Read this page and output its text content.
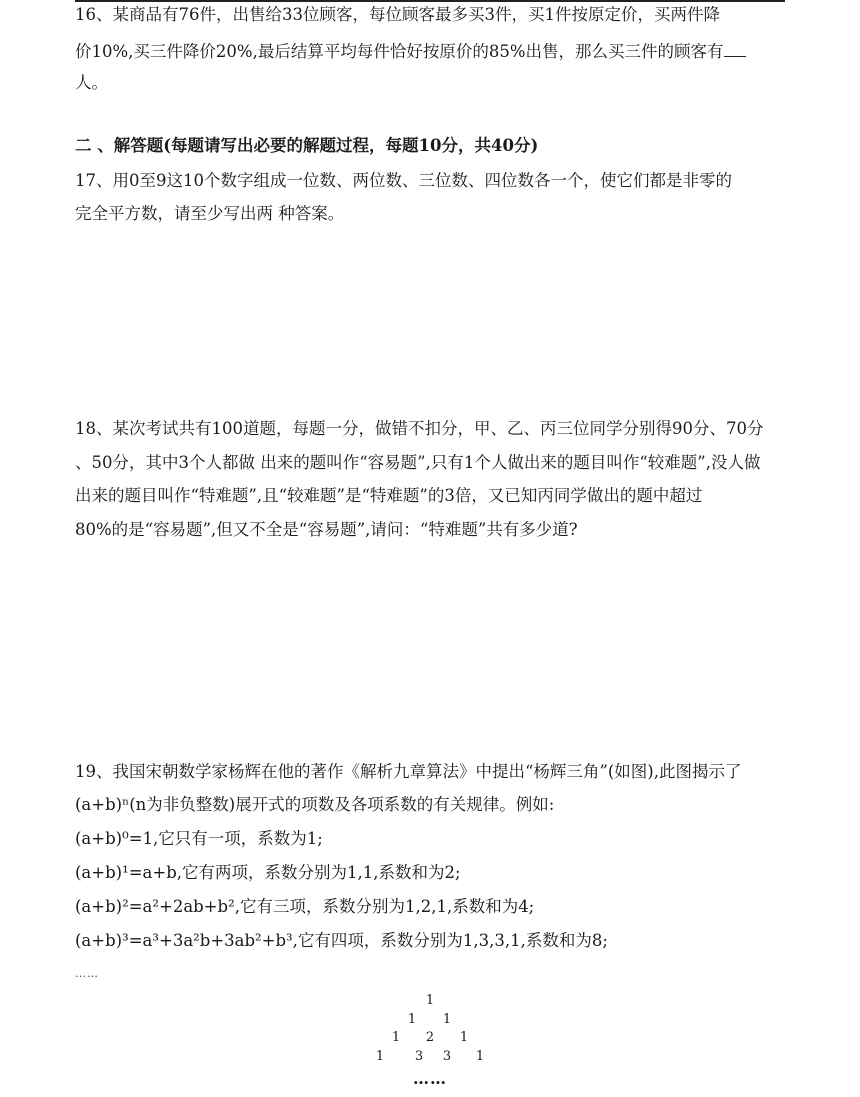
16、某商品有76件，出售给33位顾客，每位顾客最多买3件，买1件按原定价，买两件降
价10%,买三件降价20%,最后结算平均每件恰好按原价的85%出售，那么买三件的顾客有
人。
二 、解答题(每题请写出必要的解题过程，每题10分，共40分)
17、用0至9这10个数字组成一位数、两位数、三位数、四位数各一个，使它们都是非零的
完全平方数，请至少写出两 种答案。
18、某次考试共有100道题，每题一分，做错不扣分，甲、乙、丙三位同学分别得90分、70分
、50分，其中3个人都做 出来的题叫作“容易题”,只有1个人做出来的题目叫作“较难题”,没人做
出来的题目叫作“特难题”,且“较难题”是“特难题”的3倍，又已知丙同学做出的题中超过
80%的是“容易题”,但又不全是“容易题”,请问：“特难题”共有多少道?
19、我国宋朝数学家杨辉在他的著作《解析九章算法》中提出“杨辉三角”(如图),此图揭示了
(a+b)ⁿ(n为非负整数)展开式的项数及各项系数的有关规律。例如:
(a+b)⁰=1,它只有一项，系数为1;
(a+b)¹=a+b,它有两项，系数分别为1,1,系数和为2;
(a+b)²=a²+2ab+b²,它有三项，系数分别为1,2,1,系数和为4;
(a+b)³=a³+3a²b+3ab²+b³,它有四项，系数分别为1,3,3,1,系数和为8;
……
1
1	1
1	2	1
1	3	3	1
……
